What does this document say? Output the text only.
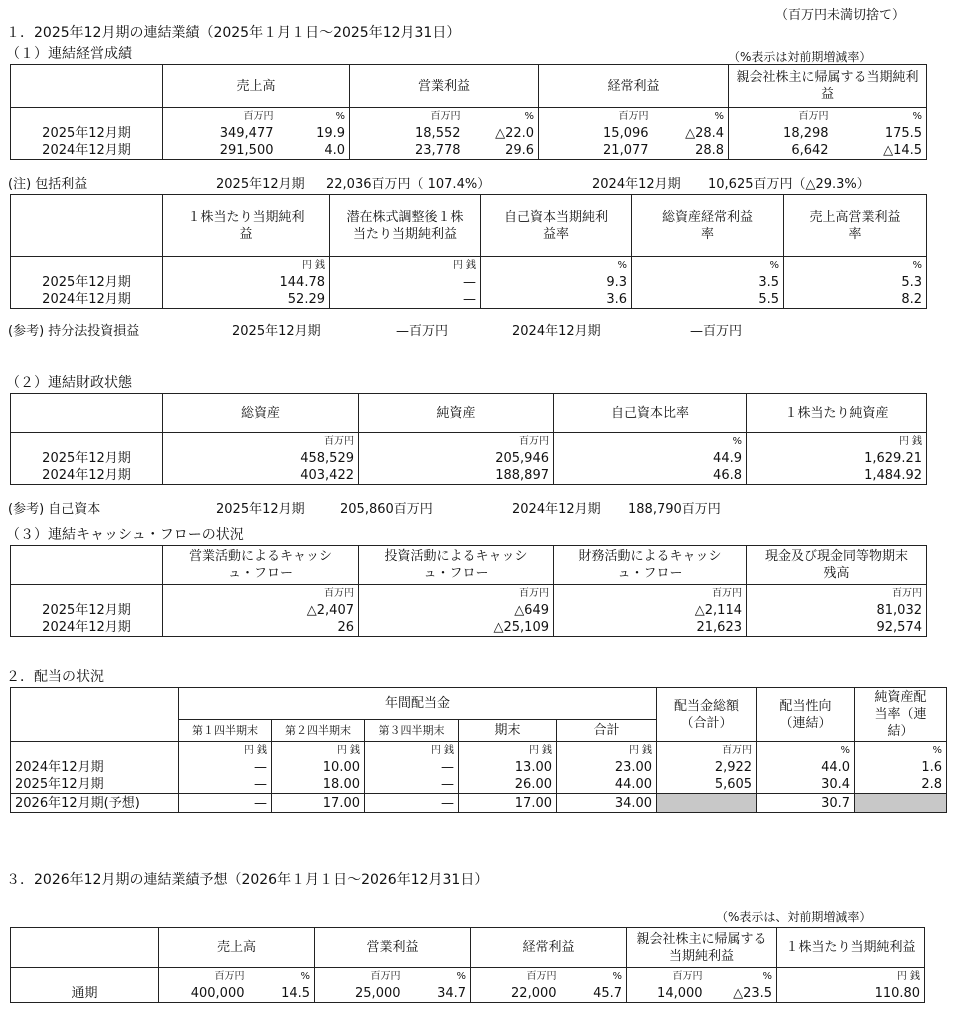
（百万円未満切捨て）
１．2025年12月期の連結業績（2025年１月１日～2025年12月31日）
（１）連結経営成績	（%表示は対前期増減率）
	売上高		営業利益		経常利益		親会社株主に帰属する当期純利益	
	百万円	%	百万円	%	百万円	%	百万円	%
2025年12月期	349,477	19.9	18,552	△22.0	15,096	△28.4	18,298	175.5
2024年12月期	291,500	4.0	23,778	29.6	21,077	28.8	6,642	△14.5
(注) 包括利益	2025年12月期 22,036百万円（ 107.4%）	2024年12月期 10,625百万円（△29.3%）
	１株当たり当期純利益	潜在株式調整後１株当たり当期純利益	自己資本当期純利益率	総資産経常利益率	売上高営業利益率
	円 銭	円 銭	%	%	%
2025年12月期	144.78	—	9.3	3.5	5.3
2024年12月期	52.29	—	3.6	5.5	8.2
(参考) 持分法投資損益	2025年12月期	—百万円	2024年12月期	—百万円
（２）連結財政状態
	総資産	純資産	自己資本比率	１株当たり純資産
	百万円	百万円	%	円 銭
2025年12月期	458,529	205,946	44.9	1,629.21
2024年12月期	403,422	188,897	46.8	1,484.92
(参考) 自己資本	2025年12月期	205,860百万円	2024年12月期 188,790百万円
（３）連結キャッシュ・フローの状況
	営業活動によるキャッシュ・フロー	投資活動によるキャッシュ・フロー	財務活動によるキャッシュ・フロー	現金及び現金同等物期末残高
	百万円	百万円	百万円	百万円
2025年12月期	△2,407	△649	△2,114	81,032
2024年12月期	26	△25,109	21,623	92,574
２．配当の状況
	年間配当金					配当金総額（合計）	配当性向（連結）	純資産配当率（連結）
	第１四半期末	第２四半期末	第３四半期末	期末	合計			
	円 銭	円 銭	円 銭	円 銭	円 銭	百万円	%	%
2024年12月期	—	10.00	—	13.00	23.00	2,922	44.0	1.6
2025年12月期	—	18.00	—	26.00	44.00	5,605	30.4	2.8
2026年12月期(予想)	—	17.00	—	17.00	34.00		30.7	
３．2026年12月期の連結業績予想（2026年１月１日～2026年12月31日）
（%表示は、対前期増減率）
	売上高		営業利益		経常利益		親会社株主に帰属する当期純利益		１株当たり当期純利益
	百万円	%	百万円	%	百万円	%	百万円	%	円 銭
通期	400,000	14.5	25,000	34.7	22,000	45.7	14,000	△23.5	110.80
